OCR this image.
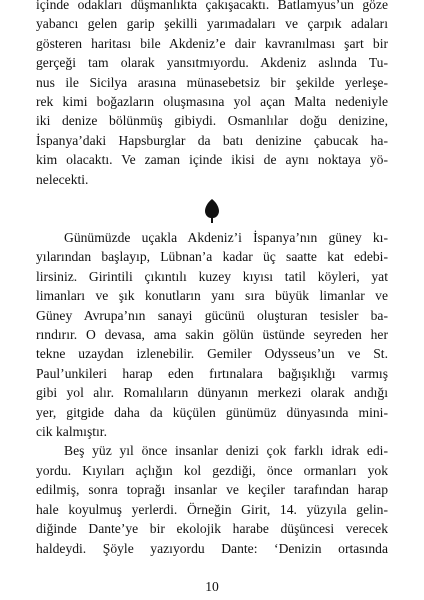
içinde odakları düşmanlıkta çakışacaktı. Batlamyus’un göze

yabancı gelen garip şekilli yarımadaları ve çarpık adaları

gösteren haritası bile Akdeniz’e dair kavranılması şart bir

gerçeği tam olarak yansıtmıyordu. Akdeniz aslında Tu-

nus ile Sicilya arasına münasebetsiz bir şekilde yerleşe-

rek kimi boğazların oluşmasına yol açan Malta nedeniyle

iki denize bölünmüş gibiydi. Osmanlılar doğu denizine,

İspanya’daki Hapsburglar da batı denizine çabucak ha-

kim olacaktı. Ve zaman içinde ikisi de aynı noktaya yö-

nelecekti.

Günümüzde uçakla Akdeniz’i İspanya’nın güney kı-

yılarından başlayıp, Lübnan’a kadar üç saatte kat edebi-

lirsiniz. Girintili çıkıntılı kuzey kıyısı tatil köyleri, yat

limanları ve şık konutların yanı sıra büyük limanlar ve

Güney Avrupa’nın sanayi gücünü oluşturan tesisler ba-

rındırır. O devasa, ama sakin gölün üstünde seyreden her

tekne uzaydan izlenebilir. Gemiler Odysseus’un ve St.

Paul’unkileri harap eden fırtınalara bağışıklığı varmış

gibi yol alır. Romalıların dünyanın merkezi olarak andığı

yer, gitgide daha da küçülen günümüz dünyasında mini-

cik kalmıştır.

Beş yüz yıl önce insanlar denizi çok farklı idrak edi-

yordu. Kıyıları açlığın kol gezdiği, önce ormanları yok

edilmiş, sonra toprağı insanlar ve keçiler tarafından harap

hale koyulmuş yerlerdi. Örneğin Girit, 14. yüzyıla gelin-

diğinde Dante’ye bir ekolojik harabe düşüncesi verecek

haldeydi. Şöyle yazıyordu Dante: ‘Denizin ortasında

10
